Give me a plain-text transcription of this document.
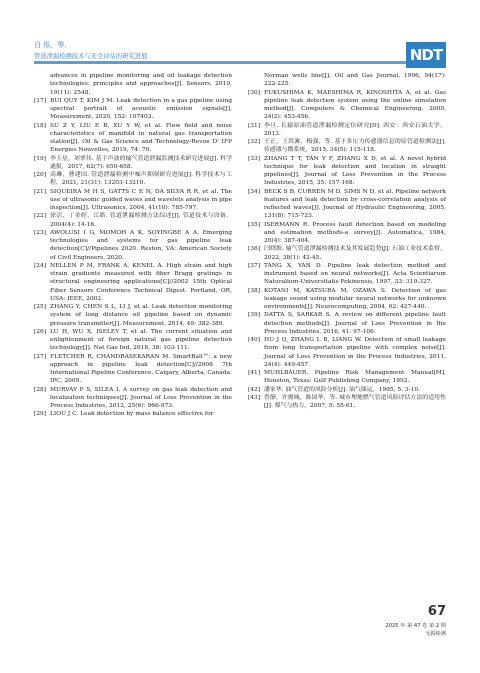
白 烁，等．
管道泄漏检测技术与安全评估的研究进展	NDT
advances in pipeline monitoring and oil leakage detection technologies: principles and approaches[J]. Sensors, 2019, 19(11): 2548.
[17] BUI QUY T, KIM J M. Leak detection in a gas pipeline using spectral portrait of acoustic emission signals[J]. Measurement, 2020, 152: 107403.
[18] SU Z Y, LIU E B, XU Y W, et al. Flow field and noise characteristics of manifold in natural gas transportation station[J]. Oil & Gas Science and Technology-Revue D' IFP Energies Nouvelles, 2019, 74: 70.
[19] 李玉星，刘翠伟. 基于声波的输气管道泄漏监测技术研究进展[J]. 科学通报，2017, 62(7): 650-658.
[20] 高琳，曹建国. 管道泄漏检测中噪声抑制研究进展[J]. 科学技术与工程，2021, 21(31): 13203-13210.
[21] SIQUEIRA M H S, GATTS C E N, DA SILVA R R, et al. The use of ultrasonic guided waves and wavelets analysis in pipe inspection[J]. Ultrasonics, 2004, 41(10): 785-797.
[22] 徐洁，丁金婷，江皓. 管道泄漏检测方法综述[J]. 管道技术与设备，2004(4): 14-16.
[23] AWOLUSI I G, MOMOH A K, SOYINGBE A A. Emerging technologies and systems for gas pipeline leak detection[C]//Pipelines 2020. Reston, VA: American Society of Civil Engineers, 2020.
[24] NELLEN P M, FRANK A, KENEL A. High strain and high strain gradients measured with fiber Bragg gratings in structural engineering applications[C]//2002 15th Optical Fiber Sensors Conference Technical Digest. Portland, OR, USA: IEEE, 2002.
[25] ZHANG Y, CHEN S L, LI J, et al. Leak detection monitoring system of long distance oil pipeline based on dynamic pressure transmitter[J]. Measurement, 2014, 49: 382-389.
[26] LU H, WU X, ISELEY T, et al. The current situation and enlightenment of foreign natural gas pipeline detection technology[J]. Nat Gas Ind, 2018, 38: 103-111.
[27] FLETCHER R, CHANDRASEKARAN M. SmartBall™: a new approach in pipeline leak detection[C]//2008 7th International Pipeline Conference. Calgary, Alberta, Canada: IPC, 2009.
[28] MURVAY P S, SILEA I. A survey on gas leak detection and localization techniques[J]. Journal of Loss Prevention in the Process Industries, 2012, 25(6): 966-973.
[29] LIOU J C. Leak detection by mass balance effective for
Norman wells line[J]. Oil and Gas Journal, 1996, 94(17): 222-225.
[30] FUKUSHIMA K, MAESHIMA R, KINOSHITA A, et al. Gas pipeline leak detection system using the online simulation method[J]. Computers & Chemical Engineering, 2000, 24(2): 453-456.
[31] 李旦. 长输原油管道泄漏检测定位研究[D]. 西安：西安石油大学，2013.
[32] 王正，王洪滩，梅强，等. 基于多压力传感器信息的原管道检测法[J]. 传感器与微系统，2015, 34(5): 115-118.
[33] ZHANG T T, TAN Y F, ZHANG X D, et al. A novel hybrid technique for leak detection and location in straight pipelines[J]. Journal of Loss Prevention in the Process Industries, 2015, 35: 157-168.
[34] BECK S B, CURREN M D, SIMS N D, et al. Pipeline network features and leak detection by cross-correlation analysis of reflected waves[J]. Journal of Hydraulic Engineering, 2005, 131(8): 715-723.
[35] ISERMANN R. Process fault detection based on modeling and estimation methods-a survey[J]. Automatica, 1984, 20(4): 387-404.
[36] 闫晓维. 输气管道泄漏检测技术及其发展趋势[J]. 石油工业技术监督，2022, 38(1): 42-45.
[37] TANG X, YAN D. Pipeline leak detection method and instrument based on neural networks[J]. Acta Scientiarum Naturalium-Universitatis Pekinensis, 1997, 33: 319-327.
[38] KOTANI M, KATSURA M, OZAWA S. Detection of gas leakage sound using modular neural networks for unknown environments[J]. Neurocomputing, 2004, 62: 427-440.
[39] DATTA S, SARKAR S. A review on different pipeline fault detection methods[J]. Journal of Loss Prevention in the Process Industries, 2016, 41: 97-106.
[40] HU J Q, ZHANG L B, LIANG W. Detection of small leakage from long transportation pipeline with complex noise[J]. Journal of Loss Prevention in the Process Industries, 2011, 24(4): 449-457.
[41] MUHLBAUER. Pipeline Risk Management Manual[M]. Houston, Texas: Gulf Publishing Company, 1992.
[42] 潘家华. 油气管道的风险分析[J]. 油气储运，1995, 5: 3-10.
[43] 曾静，许俊城，陈国华，等. 城市埋地燃气管道风险评估方法的适用性[J]. 煤气与热力，2007, 5: 55-61.
67
2025 年 第 47 卷 第 2 期
无损检测
